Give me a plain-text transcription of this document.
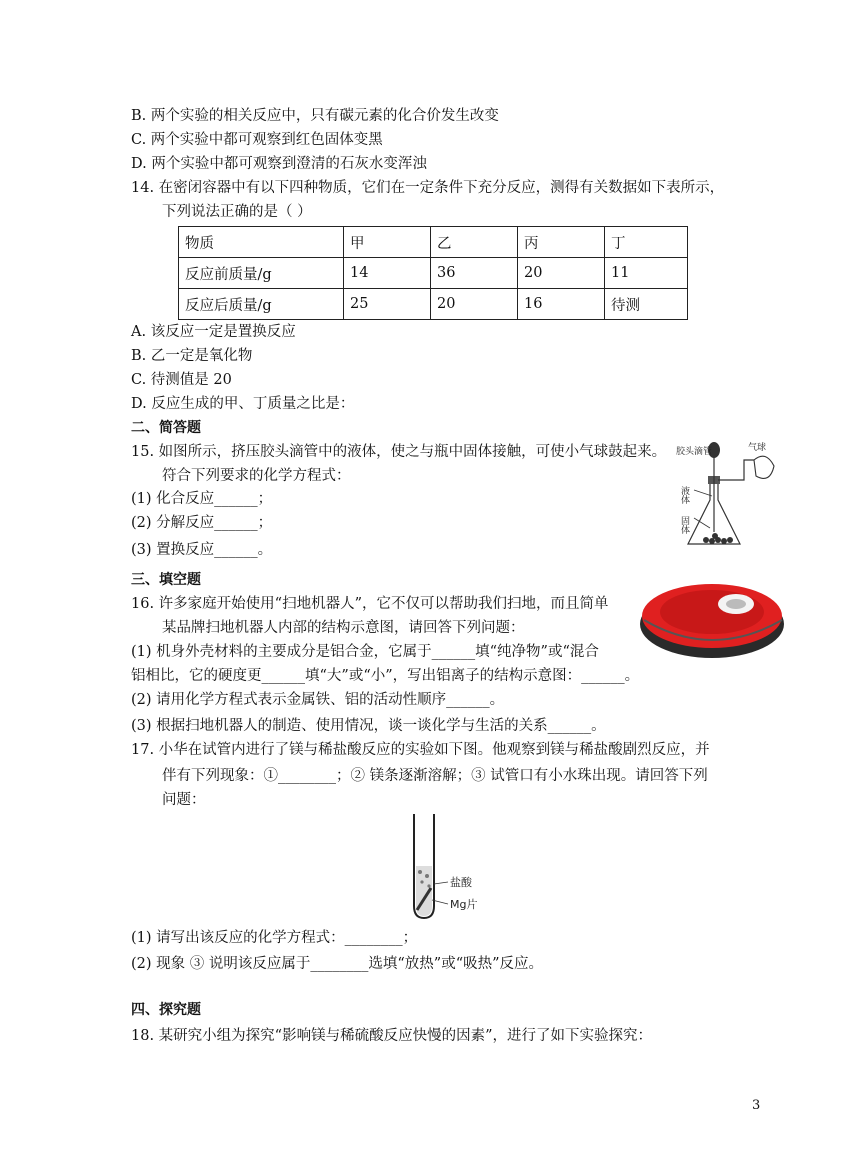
B. 两个实验的相关反应中，只有碳元素的化合价发生改变
C. 两个实验中都可观察到红色固体变黑
D. 两个实验中都可观察到澄清的石灰水变浑浊
14. 在密闭容器中有以下四种物质，它们在一定条件下充分反应，测得有关数据如下表所示，
下列说法正确的是（ ）
物质	甲	乙	丙	丁
反应前质量/g	14	36	20	11
反应后质量/g	25	20	16	待测
A. 该反应一定是置换反应
B. 乙一定是氧化物
C. 待测值是 20
D. 反应生成的甲、丁质量之比是：
二、简答题
15. 如图所示，挤压胶头滴管中的液体，使之与瓶中固体接触，可使小气球鼓起来。
符合下列要求的化学方程式：
(1) 化合反应______；
(2) 分解反应______；
(3) 置换反应______。
胶头滴管	气球
液体
固体
三、填空题
16. 许多家庭开始使用“扫地机器人”，它不仅可以帮助我们扫地，而且简单
某品牌扫地机器人内部的结构示意图，请回答下列问题：
(1) 机身外壳材料的主要成分是铝合金，它属于______填“纯净物”或“混合
铝相比，它的硬度更______填“大”或“小”，写出铝离子的结构示意图：______。
(2) 请用化学方程式表示金属铁、铝的活动性顺序______。
(3) 根据扫地机器人的制造、使用情况，谈一谈化学与生活的关系______。
17. 小华在试管内进行了镁与稀盐酸反应的实验如下图。他观察到镁与稀盐酸剧烈反应，并
伴有下列现象：①________；② 镁条逐渐溶解；③ 试管口有小水珠出现。请回答下列
问题：
盐酸
Mg片
(1) 请写出该反应的化学方程式：________；
(2) 现象 ③ 说明该反应属于________选填“放热”或“吸热”反应。
四、探究题
18. 某研究小组为探究“影响镁与稀硫酸反应快慢的因素”，进行了如下实验探究：
3
